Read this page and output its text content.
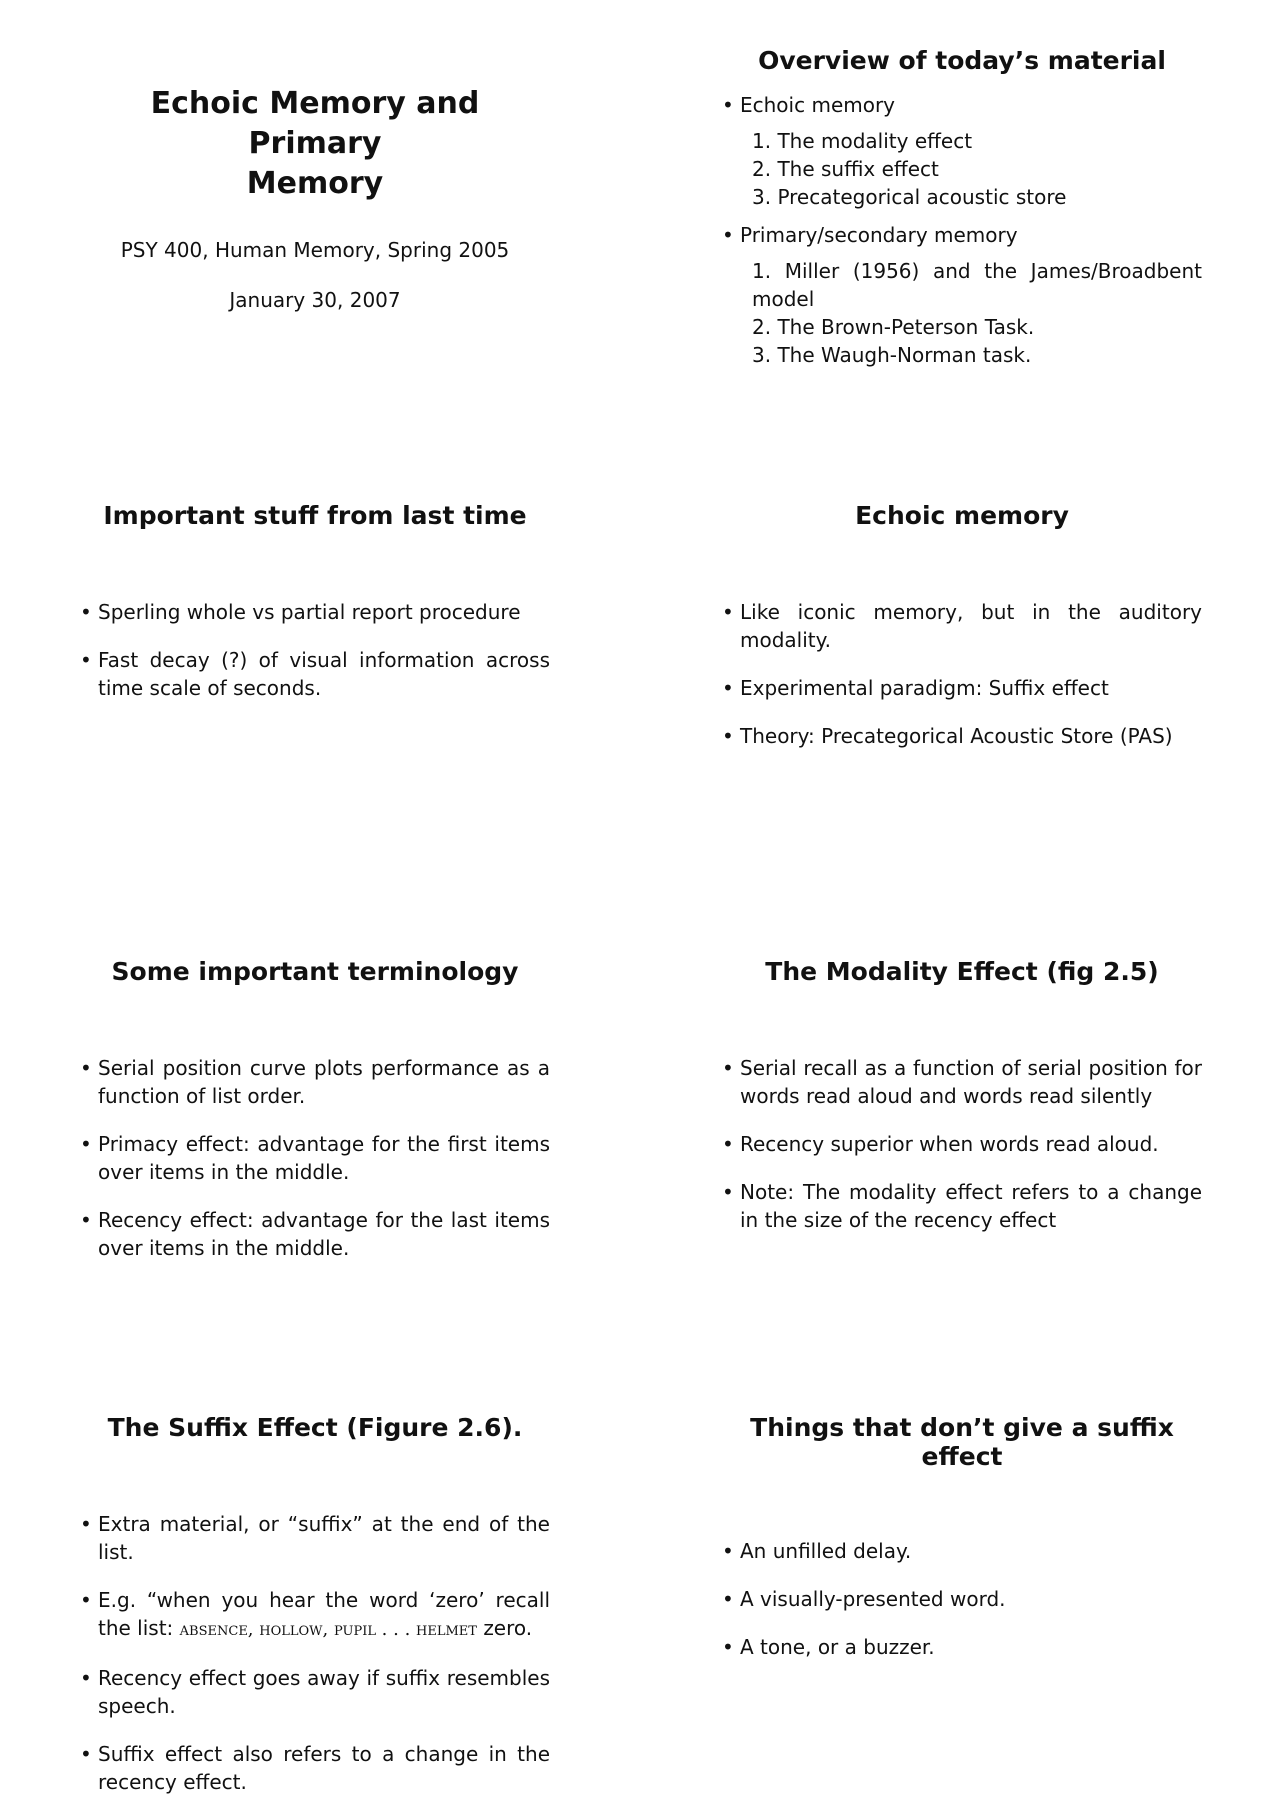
Echoic Memory and Primary
Memory

PSY 400, Human Memory, Spring 2005

January 30, 2007

Overview of today’s material
• Echoic memory
1. The modality effect
2. The suffix effect
3. Precategorical acoustic store
• Primary/secondary memory
1. Miller (1956) and the James/Broadbent model
2. The Brown-Peterson Task.
3. The Waugh-Norman task.
Important stuff from last time
• Sperling whole vs partial report procedure
• Fast decay (?) of visual information across time scale of seconds.
Echoic memory
• Like iconic memory, but in the auditory modality.
• Experimental paradigm: Suffix effect
• Theory: Precategorical Acoustic Store (PAS)
Some important terminology
• Serial position curve plots performance as a function of list order.
• Primacy effect: advantage for the first items over items in the middle.
• Recency effect: advantage for the last items over items in the middle.
The Modality Effect (fig 2.5)
• Serial recall as a function of serial position for words read aloud and words read silently
• Recency superior when words read aloud.
• Note: The modality effect refers to a change in the size of the recency effect
The Suffix Effect (Figure 2.6).
• Extra material, or “suffix” at the end of the list.
• E.g. “when you hear the word ‘zero’ recall the list: absence, hollow, pupil . . . helmet zero.
• Recency effect goes away if suffix resembles speech.
• Suffix effect also refers to a change in the recency effect.
Things that don’t give a suffix effect
• An unfilled delay.
• A visually-presented word.
• A tone, or a buzzer.
